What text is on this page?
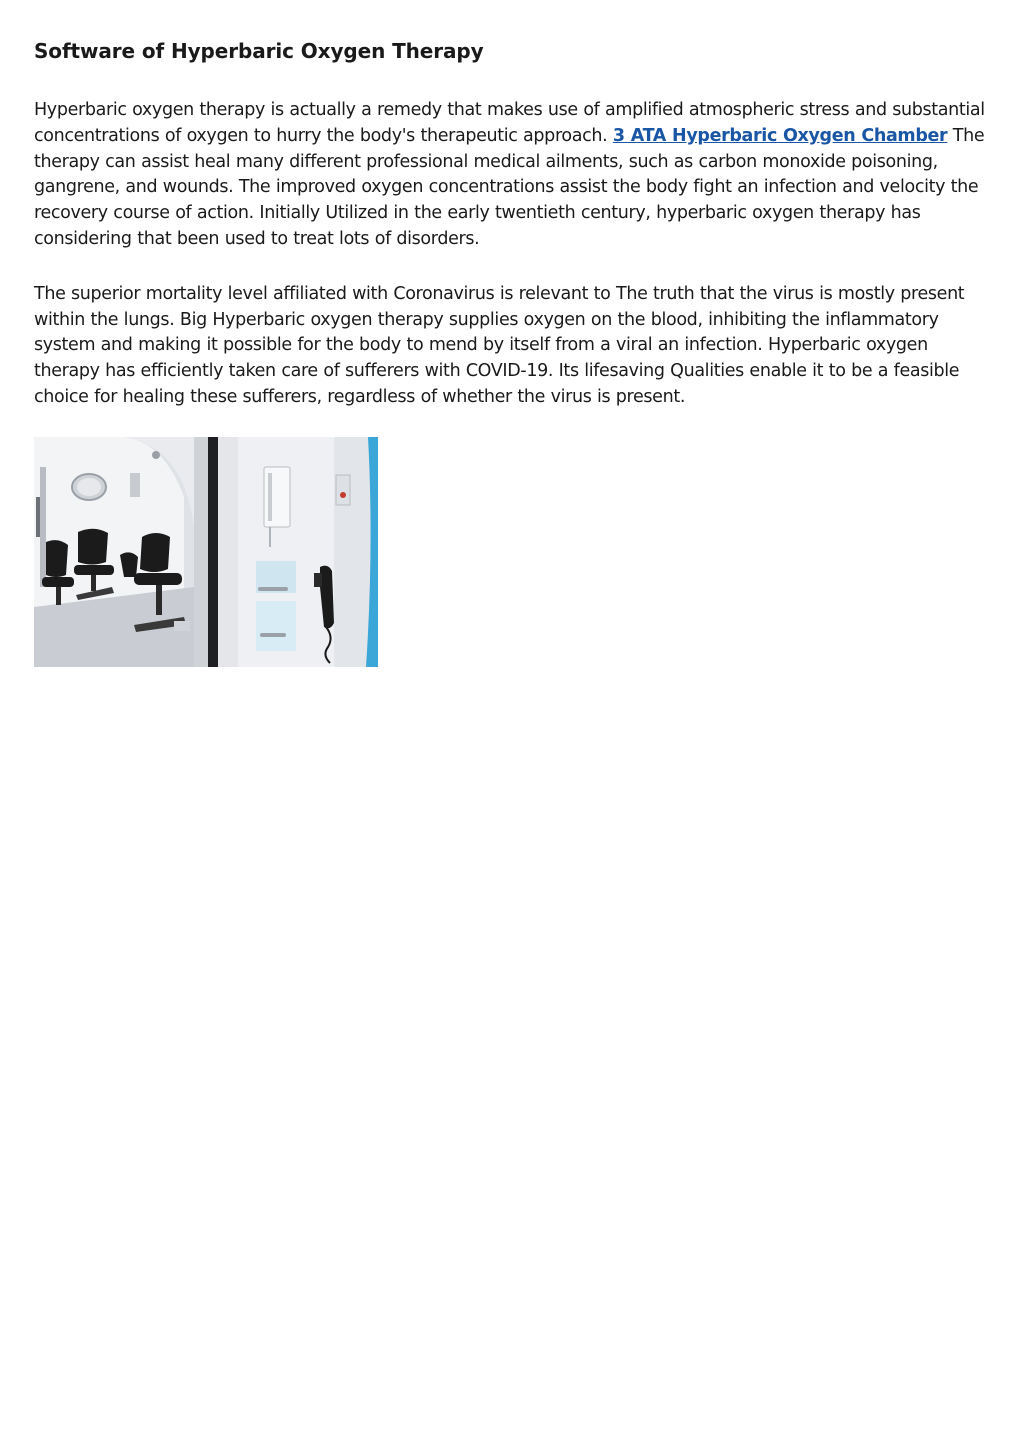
Software of Hyperbaric Oxygen Therapy

Hyperbaric oxygen therapy is actually a remedy that makes use of amplified atmospheric stress and substantial concentrations of oxygen to hurry the body's therapeutic approach. 3 ATA Hyperbaric Oxygen Chamber The therapy can assist heal many different professional medical ailments, such as carbon monoxide poisoning, gangrene, and wounds. The improved oxygen concentrations assist the body fight an infection and velocity the recovery course of action. Initially Utilized in the early twentieth century, hyperbaric oxygen therapy has considering that been used to treat lots of disorders.

The superior mortality level affiliated with Coronavirus is relevant to The truth that the virus is mostly present within the lungs. Big Hyperbaric oxygen therapy supplies oxygen on the blood, inhibiting the inflammatory system and making it possible for the body to mend by itself from a viral an infection. Hyperbaric oxygen therapy has efficiently taken care of sufferers with COVID-19. Its lifesaving Qualities enable it to be a feasible choice for healing these sufferers, regardless of whether the virus is present.
